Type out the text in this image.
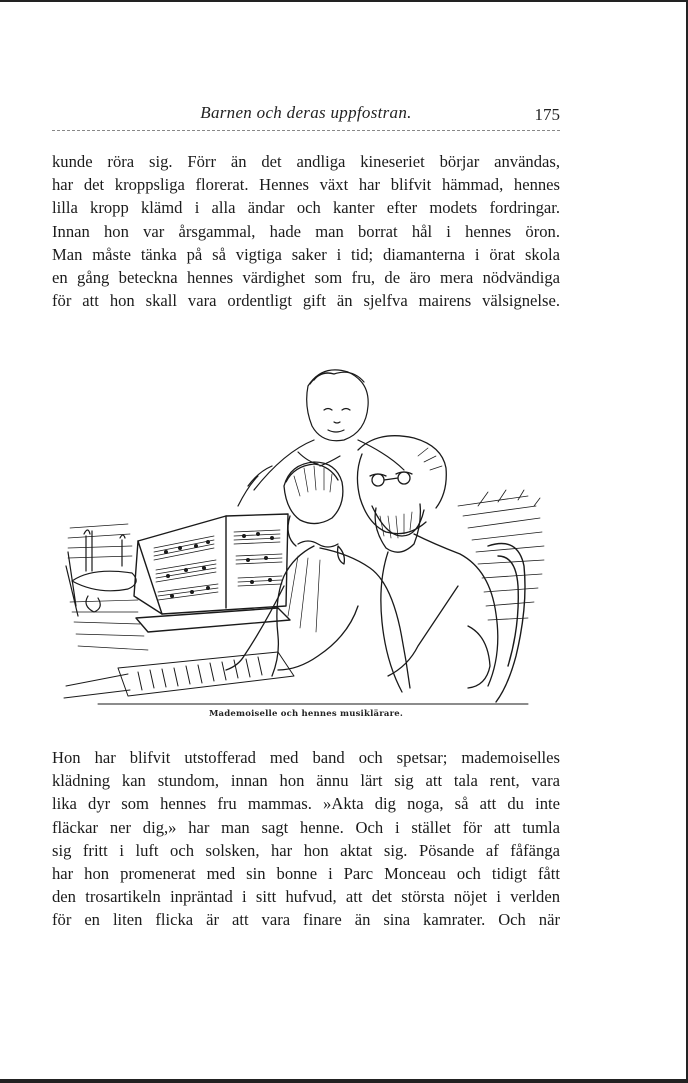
Barnen och deras uppfostran.	175

kunde röra sig. Förr än det andliga kineseriet börjar användas,
har det kroppsliga florerat. Hennes växt har blifvit hämmad, hennes
lilla kropp klämd i alla ändar och kanter efter modets fordringar.
Innan hon var årsgammal, hade man borrat hål i hennes öron.
Man måste tänka på så vigtiga saker i tid; diamanterna i örat skola
en gång beteckna hennes värdighet som fru, de äro mera nödvändiga
för att hon skall vara ordentligt gift än sjelfva mairens välsignelse.

Mademoiselle och hennes musiklärare.

Hon har blifvit utstofferad med band och spetsar; mademoiselles
klädning kan stundom, innan hon ännu lärt sig att tala rent, vara
lika dyr som hennes fru mammas. »Akta dig noga, så att du inte
fläckar ner dig,» har man sagt henne. Och i stället för att tumla
sig fritt i luft och solsken, har hon aktat sig. Pösande af fåfänga
har hon promenerat med sin bonne i Parc Monceau och tidigt fått
den trosartikeln inpräntad i sitt hufvud, att det största nöjet i verlden
för en liten flicka är att vara finare än sina kamrater. Och när
